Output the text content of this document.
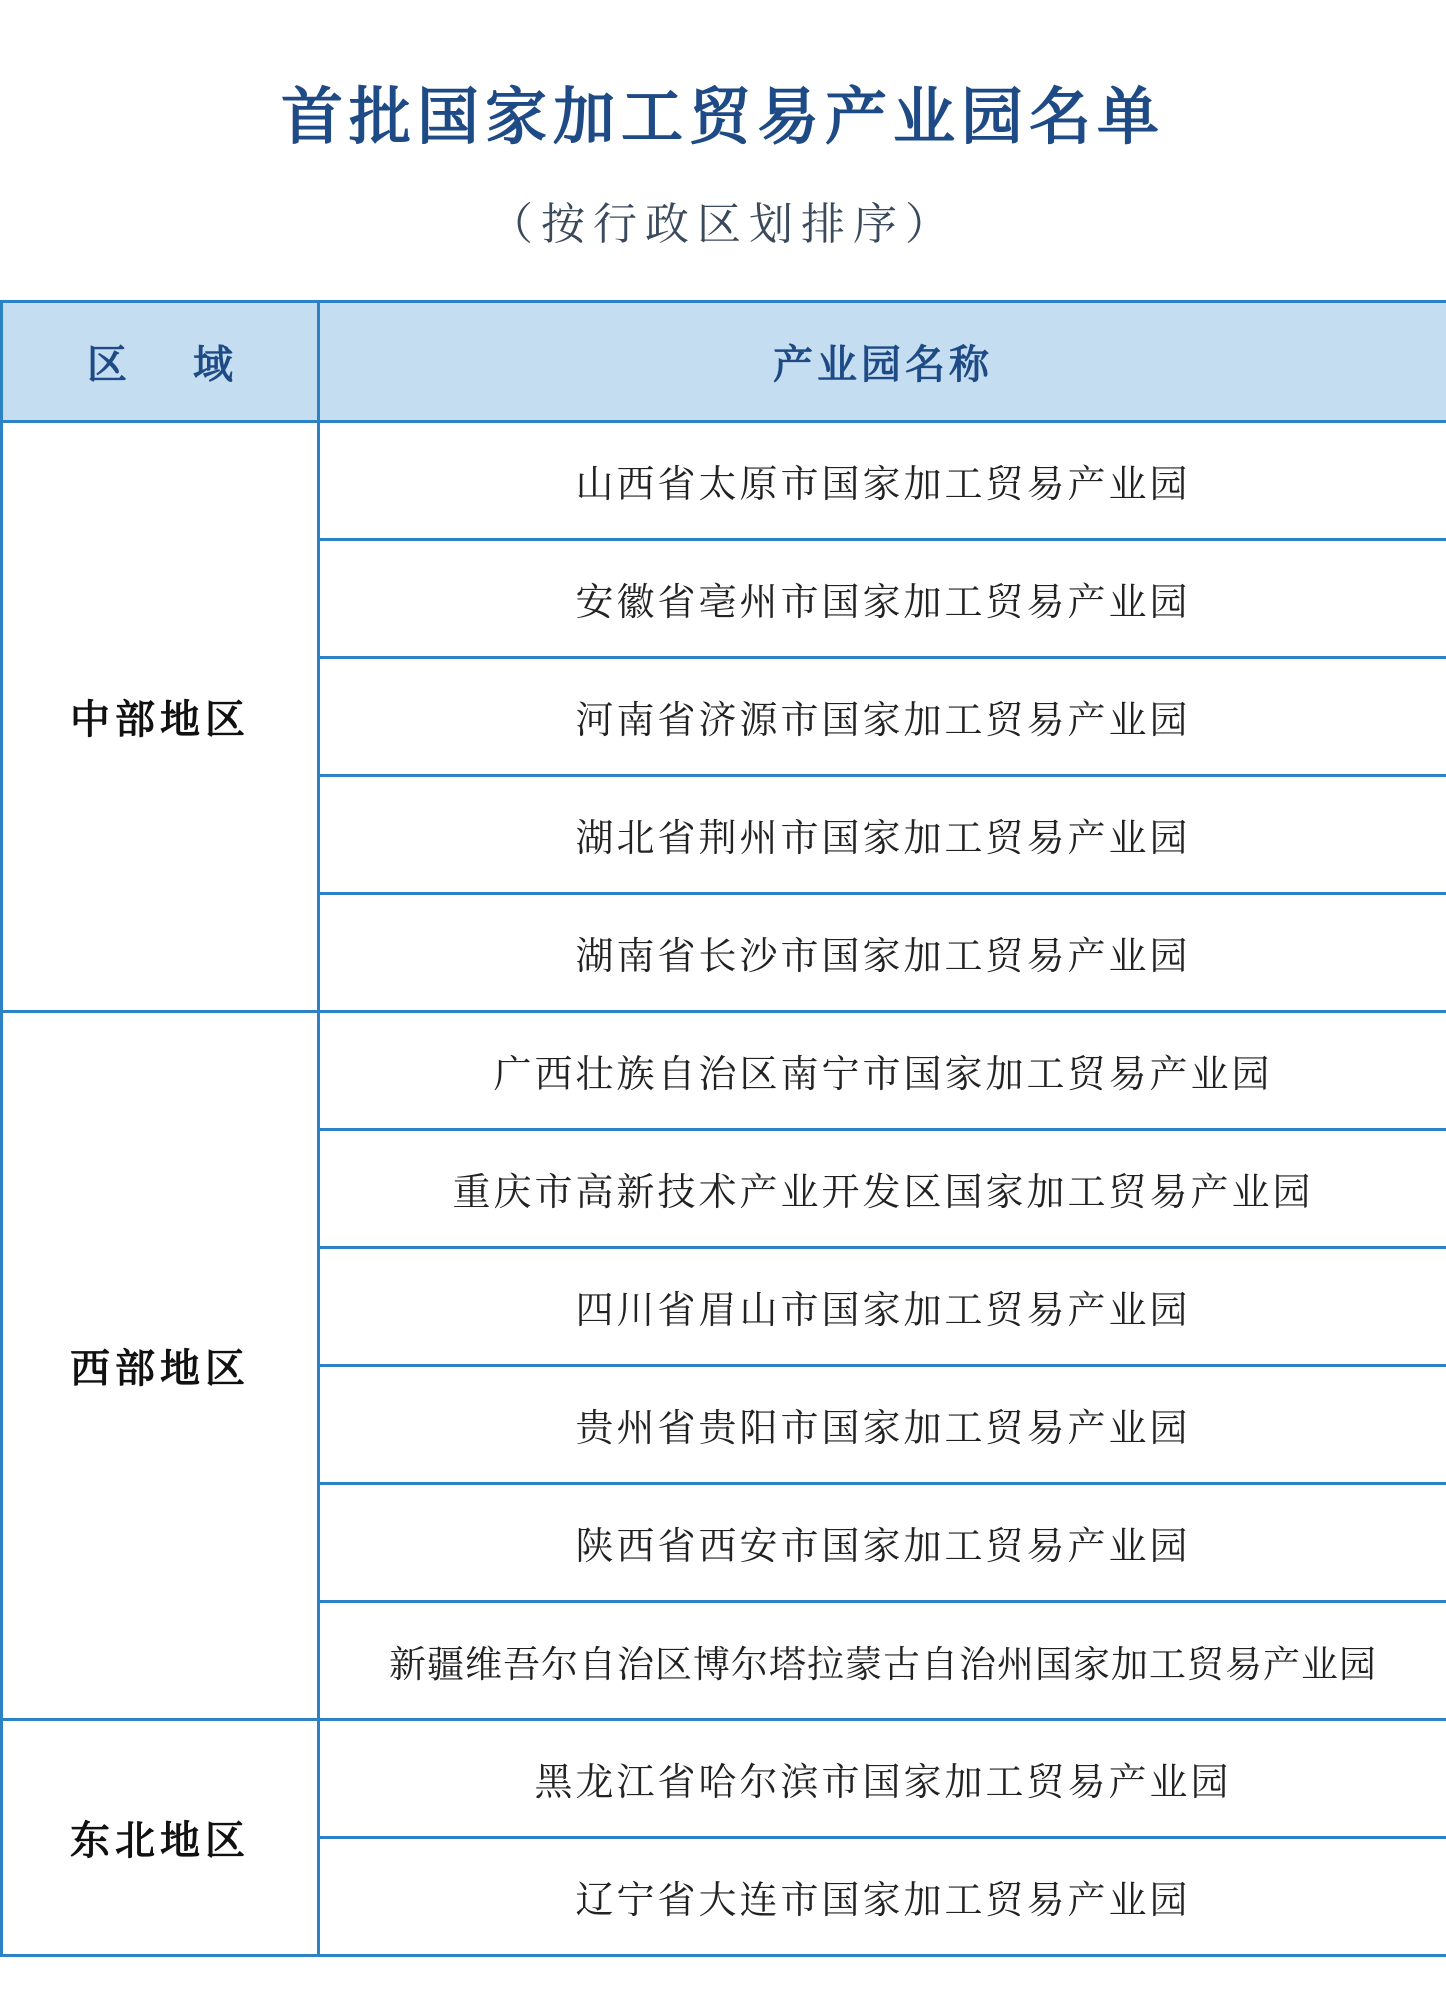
首批国家加工贸易产业园名单
（按行政区划排序）
区 域	产业园名称
中部地区	山西省太原市国家加工贸易产业园
	安徽省亳州市国家加工贸易产业园
	河南省济源市国家加工贸易产业园
	湖北省荆州市国家加工贸易产业园
	湖南省长沙市国家加工贸易产业园
西部地区	广西壮族自治区南宁市国家加工贸易产业园
	重庆市高新技术产业开发区国家加工贸易产业园
	四川省眉山市国家加工贸易产业园
	贵州省贵阳市国家加工贸易产业园
	陕西省西安市国家加工贸易产业园
	新疆维吾尔自治区博尔塔拉蒙古自治州国家加工贸易产业园
东北地区	黑龙江省哈尔滨市国家加工贸易产业园
	辽宁省大连市国家加工贸易产业园
